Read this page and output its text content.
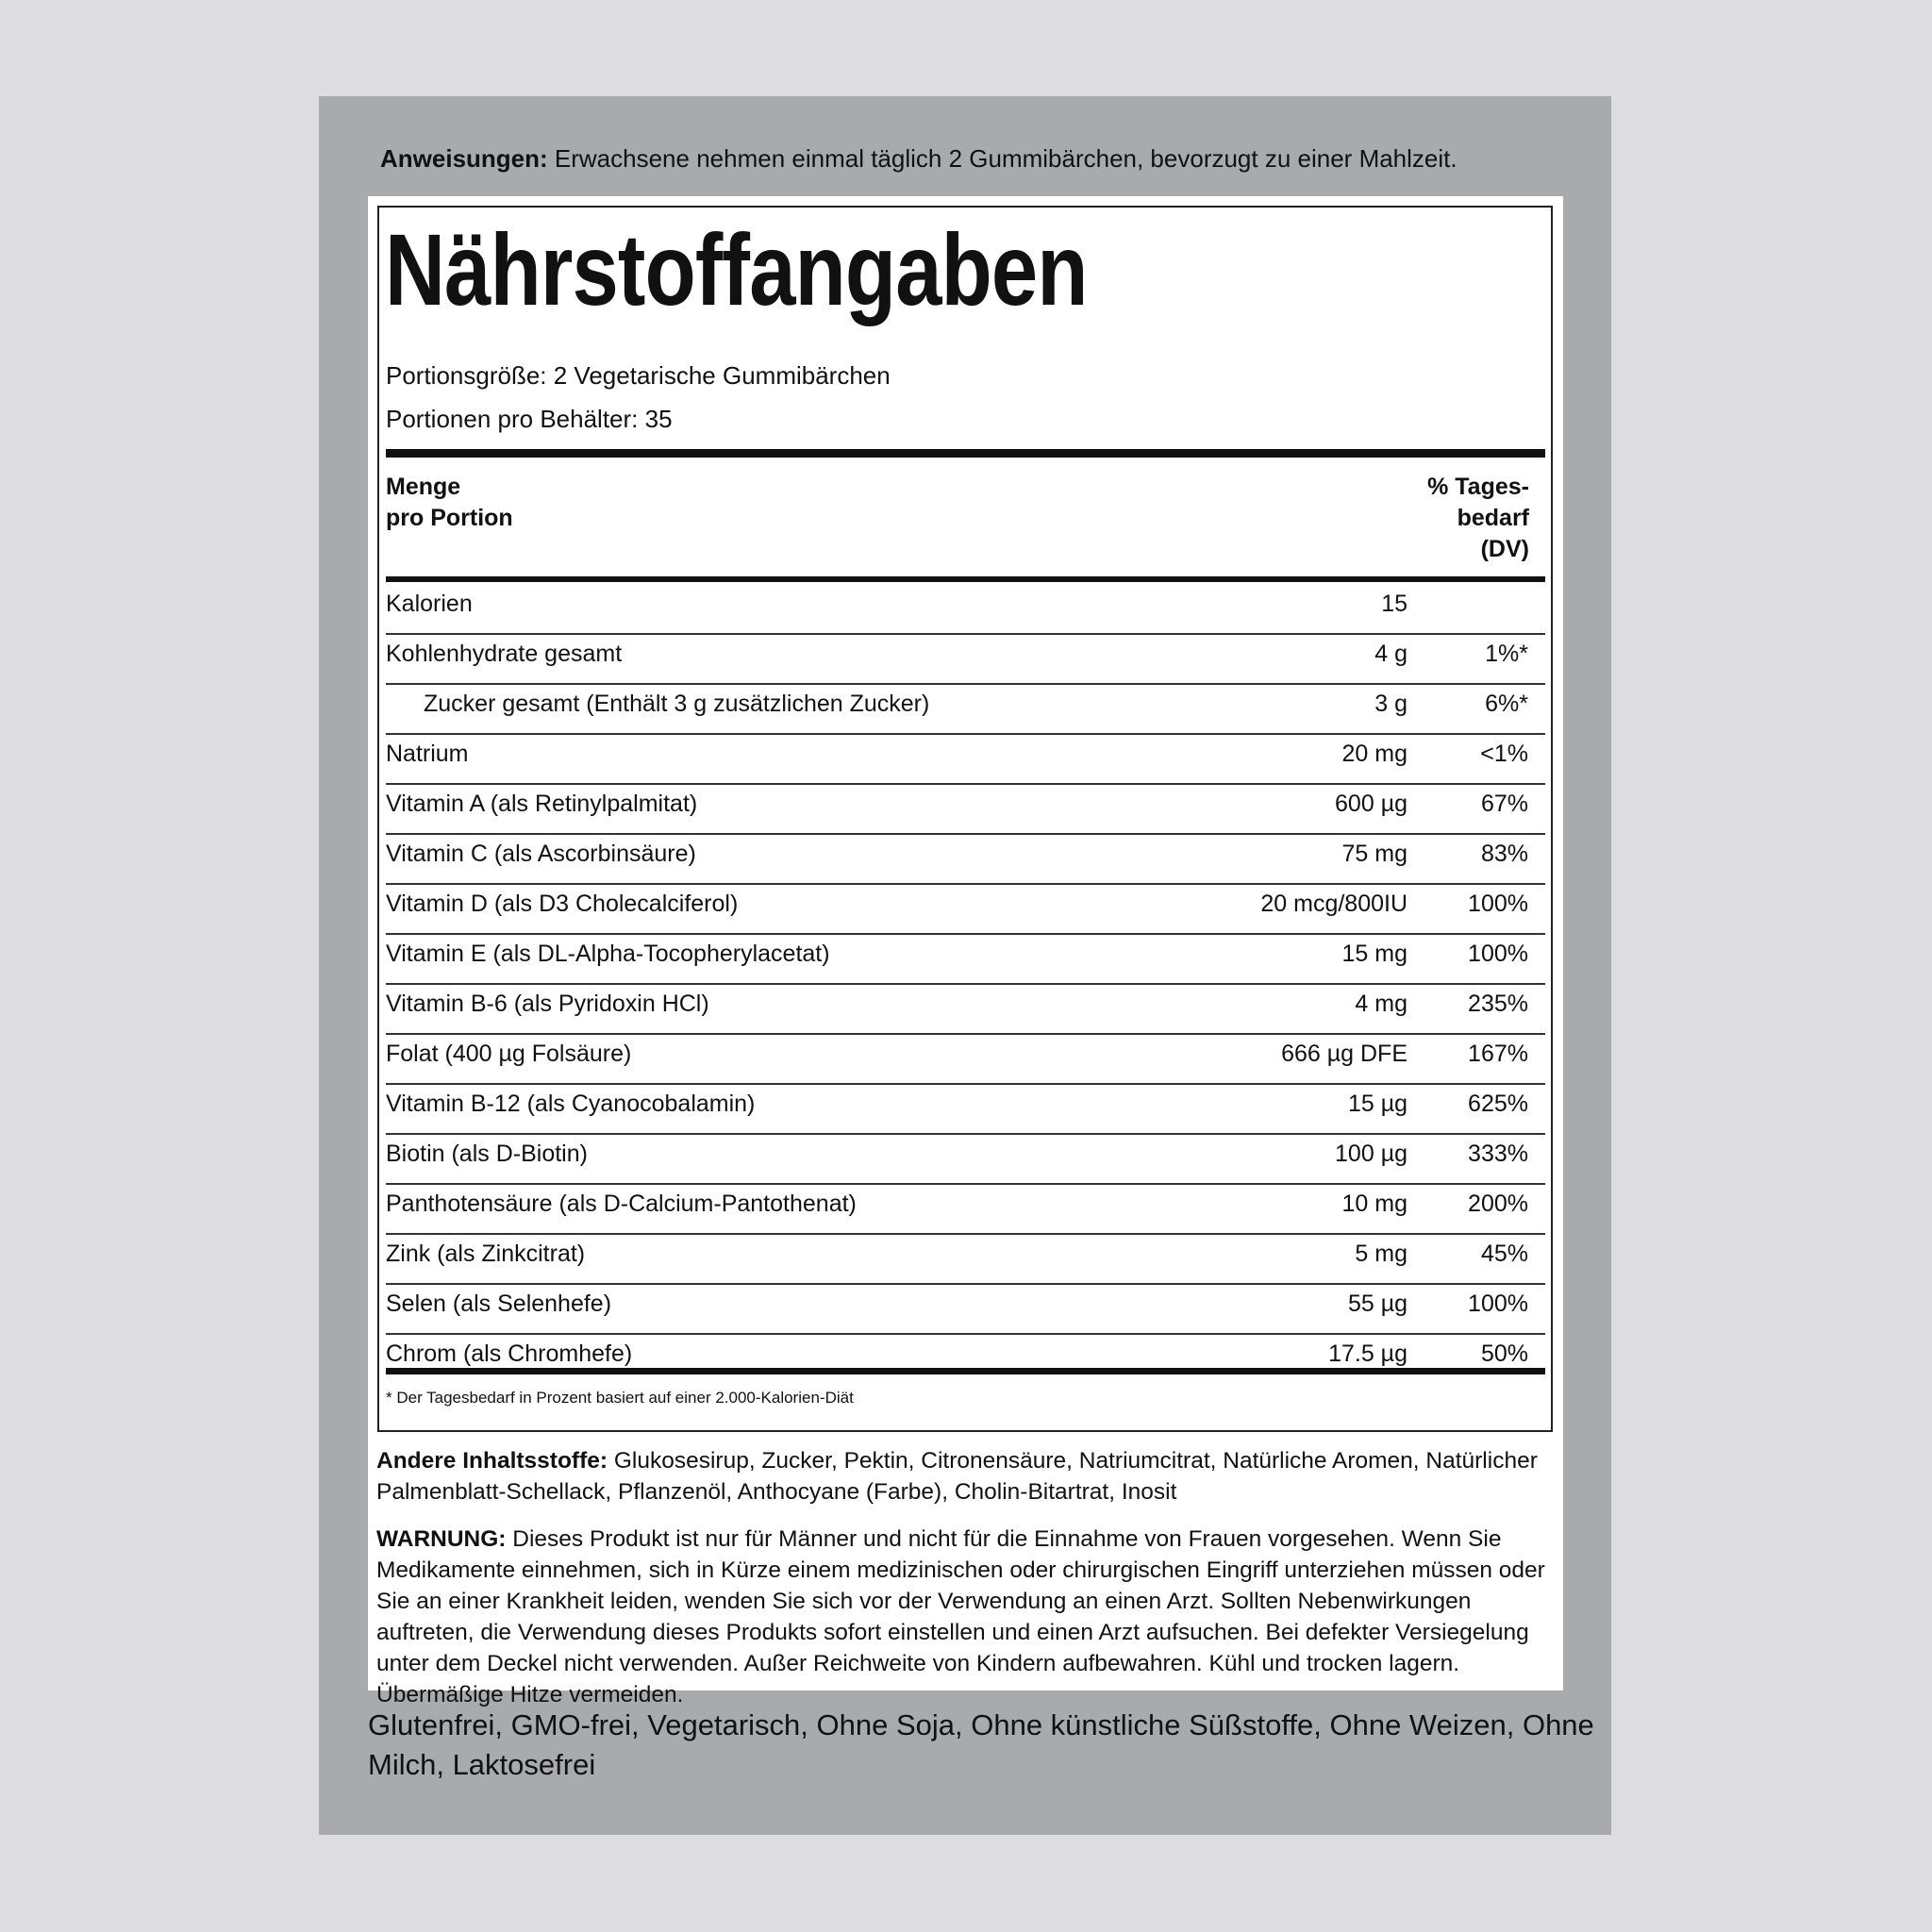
Anweisungen: Erwachsene nehmen einmal täglich 2 Gummibärchen, bevorzugt zu einer Mahlzeit.
Nährstoffangaben
Portionsgröße: 2 Vegetarische Gummibärchen
Portionen pro Behälter: 35
Menge
pro Portion
% Tages-
bedarf
(DV)
Kalorien	15
Kohlenhydrate gesamt	4 g	1%*
Zucker gesamt (Enthält 3 g zusätzlichen Zucker)	3 g	6%*
Natrium	20 mg	<1%
Vitamin A (als Retinylpalmitat)	600 µg	67%
Vitamin C (als Ascorbinsäure)	75 mg	83%
Vitamin D (als D3 Cholecalciferol)	20 mcg/800IU	100%
Vitamin E (als DL-Alpha-Tocopherylacetat)	15 mg	100%
Vitamin B-6 (als Pyridoxin HCl)	4 mg	235%
Folat (400 µg Folsäure)	666 µg DFE	167%
Vitamin B-12 (als Cyanocobalamin)	15 µg	625%
Biotin (als D-Biotin)	100 µg	333%
Panthotensäure (als D-Calcium-Pantothenat)	10 mg	200%
Zink (als Zinkcitrat)	5 mg	45%
Selen (als Selenhefe)	55 µg	100%
Chrom (als Chromhefe)	17.5 µg	50%
* Der Tagesbedarf in Prozent basiert auf einer 2.000-Kalorien-Diät
Andere Inhaltsstoffe: Glukosesirup, Zucker, Pektin, Citronensäure, Natriumcitrat, Natürliche Aromen, Natürlicher Palmenblatt-Schellack, Pflanzenöl, Anthocyane (Farbe), Cholin-Bitartrat, Inosit
WARNUNG: Dieses Produkt ist nur für Männer und nicht für die Einnahme von Frauen vorgesehen. Wenn Sie Medikamente einnehmen, sich in Kürze einem medizinischen oder chirurgischen Eingriff unterziehen müssen oder Sie an einer Krankheit leiden, wenden Sie sich vor der Verwendung an einen Arzt. Sollten Nebenwirkungen auftreten, die Verwendung dieses Produkts sofort einstellen und einen Arzt aufsuchen. Bei defekter Versiegelung unter dem Deckel nicht verwenden. Außer Reichweite von Kindern aufbewahren. Kühl und trocken lagern. Übermäßige Hitze vermeiden.
Glutenfrei, GMO-frei, Vegetarisch, Ohne Soja, Ohne künstliche Süßstoffe, Ohne Weizen, Ohne Milch, Laktosefrei
